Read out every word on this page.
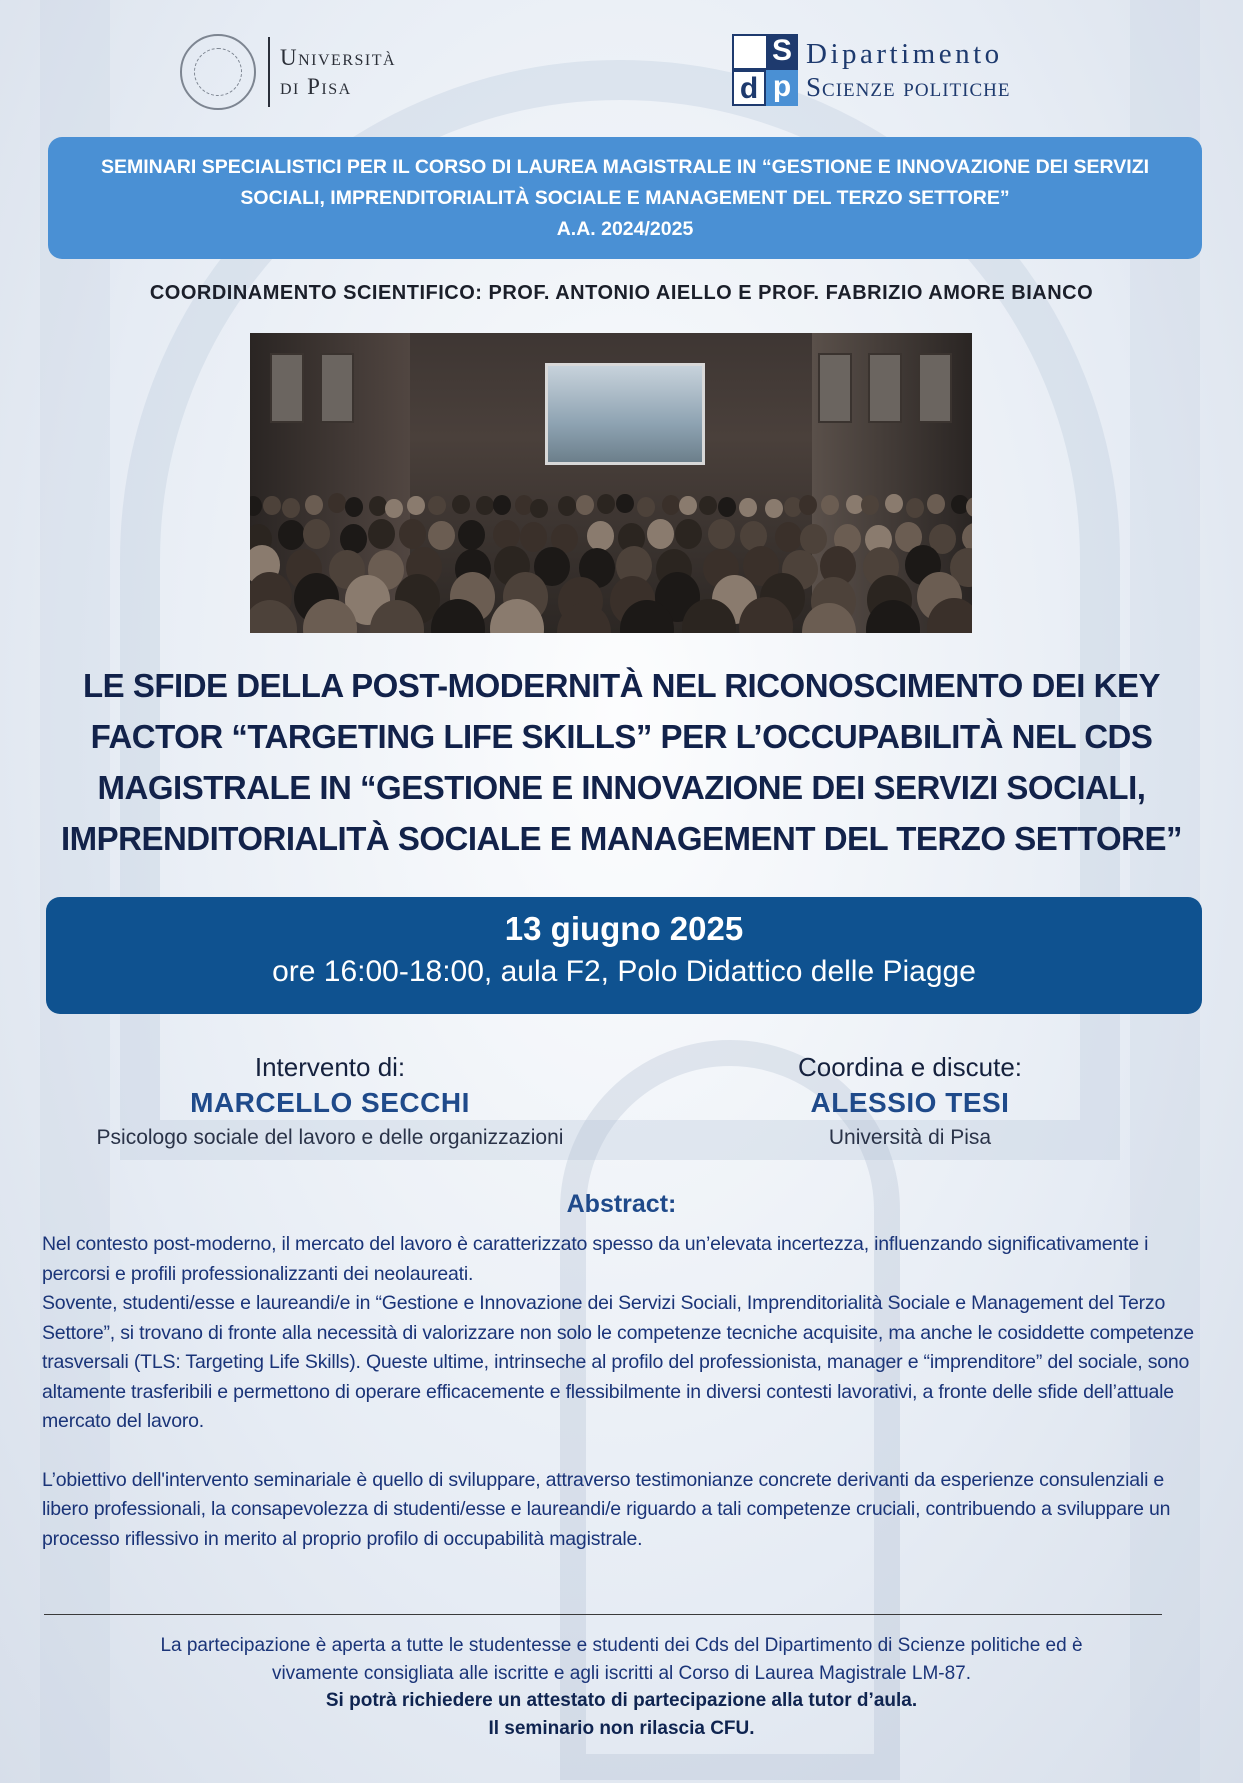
Università
di Pisa
S
d p
Dipartimento
Scienze politiche
SEMINARI SPECIALISTICI PER IL CORSO DI LAUREA MAGISTRALE IN “GESTIONE E INNOVAZIONE DEI SERVIZI
SOCIALI, IMPRENDITORIALITÀ SOCIALE E MANAGEMENT DEL TERZO SETTORE”
A.A. 2024/2025
COORDINAMENTO SCIENTIFICO: PROF. ANTONIO AIELLO E PROF. FABRIZIO AMORE BIANCO
LE SFIDE DELLA POST-MODERNITÀ NEL RICONOSCIMENTO DEI KEY
FACTOR “TARGETING LIFE SKILLS” PER L’OCCUPABILITÀ NEL CDS
MAGISTRALE IN “GESTIONE E INNOVAZIONE DEI SERVIZI SOCIALI,
IMPRENDITORIALITÀ SOCIALE E MANAGEMENT DEL TERZO SETTORE”
13 giugno 2025
ore 16:00-18:00, aula F2, Polo Didattico delle Piagge
Intervento di:
MARCELLO SECCHI
Psicologo sociale del lavoro e delle organizzazioni
Coordina e discute:
ALESSIO TESI
Università di Pisa
Abstract:

Nel contesto post-moderno, il mercato del lavoro è caratterizzato spesso da un’elevata incertezza, influenzando significativamente i percorsi e profili professionalizzanti dei neolaureati.

Sovente, studenti/esse e laureandi/e in “Gestione e Innovazione dei Servizi Sociali, Imprenditorialità Sociale e Management del Terzo Settore”, si trovano di fronte alla necessità di valorizzare non solo le competenze tecniche acquisite, ma anche le cosiddette competenze trasversali (TLS: Targeting Life Skills). Queste ultime, intrinseche al profilo del professionista, manager e “imprenditore” del sociale, sono altamente trasferibili e permettono di operare efficacemente e flessibilmente in diversi contesti lavorativi, a fronte delle sfide dell’attuale mercato del lavoro.

L’obiettivo dell'intervento seminariale è quello di sviluppare, attraverso testimonianze concrete derivanti da esperienze consulenziali e libero professionali, la consapevolezza di studenti/esse e laureandi/e riguardo a tali competenze cruciali, contribuendo a sviluppare un processo riflessivo in merito al proprio profilo di occupabilità magistrale.

La partecipazione è aperta a tutte le studentesse e studenti dei Cds del Dipartimento di Scienze politiche ed è
vivamente consigliata alle iscritte e agli iscritti al Corso di Laurea Magistrale LM-87.
Si potrà richiedere un attestato di partecipazione alla tutor d’aula.
Il seminario non rilascia CFU.
